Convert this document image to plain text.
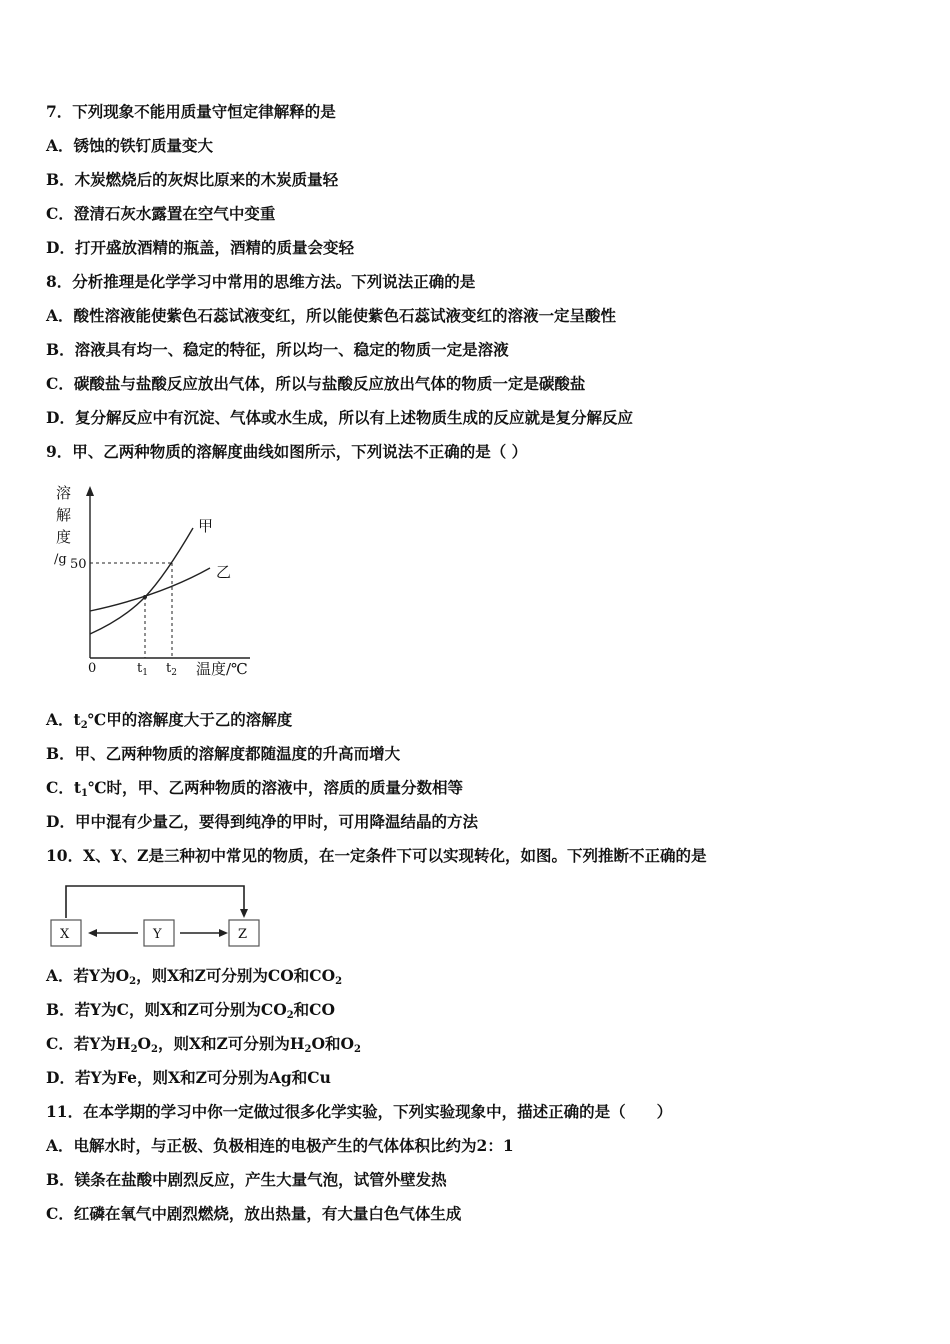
7．下列现象不能用质量守恒定律解释的是
A．锈蚀的铁钉质量变大
B．木炭燃烧后的灰烬比原来的木炭质量轻
C．澄清石灰水露置在空气中变重
D．打开盛放酒精的瓶盖，酒精的质量会变轻
8．分析推理是化学学习中常用的思维方法。下列说法正确的是
A．酸性溶液能使紫色石蕊试液变红，所以能使紫色石蕊试液变红的溶液一定呈酸性
B．溶液具有均一、稳定的特征，所以均一、稳定的物质一定是溶液
C．碳酸盐与盐酸反应放出气体，所以与盐酸反应放出气体的物质一定是碳酸盐
D．复分解反应中有沉淀、气体或水生成，所以有上述物质生成的反应就是复分解反应
9．甲、乙两种物质的溶解度曲线如图所示，下列说法不正确的是（ ）
溶
解
度
/g 50
0	$t_1$ $t_2$ 温度/℃
甲
乙
A．$t_2℃$甲的溶解度大于乙的溶解度
B．甲、乙两种物质的溶解度都随温度的升高而增大
C．$t_1℃$时，甲、乙两种物质的溶液中，溶质的质量分数相等
D．甲中混有少量乙，要得到纯净的甲时，可用降温结晶的方法
10．X、Y、Z是三种初中常见的物质，在一定条件下可以实现转化，如图。下列推断不正确的是
X	Y	Z
A．若Y为$O_2$，则X和Z可分别为CO和$CO_2$
B．若Y为C，则X和Z可分别为$CO_2$和CO
C．若Y为$H_2O_2$，则X和Z可分别为$H_2O$和$O_2$
D．若Y为Fe，则X和Z可分别为Ag和Cu
11．在本学期的学习中你一定做过很多化学实验，下列实验现象中，描述正确的是（　　）
A．电解水时，与正极、负极相连的电极产生的气体体积比约为2：1
B．镁条在盐酸中剧烈反应，产生大量气泡，试管外壁发热
C．红磷在氧气中剧烈燃烧，放出热量，有大量白色气体生成
